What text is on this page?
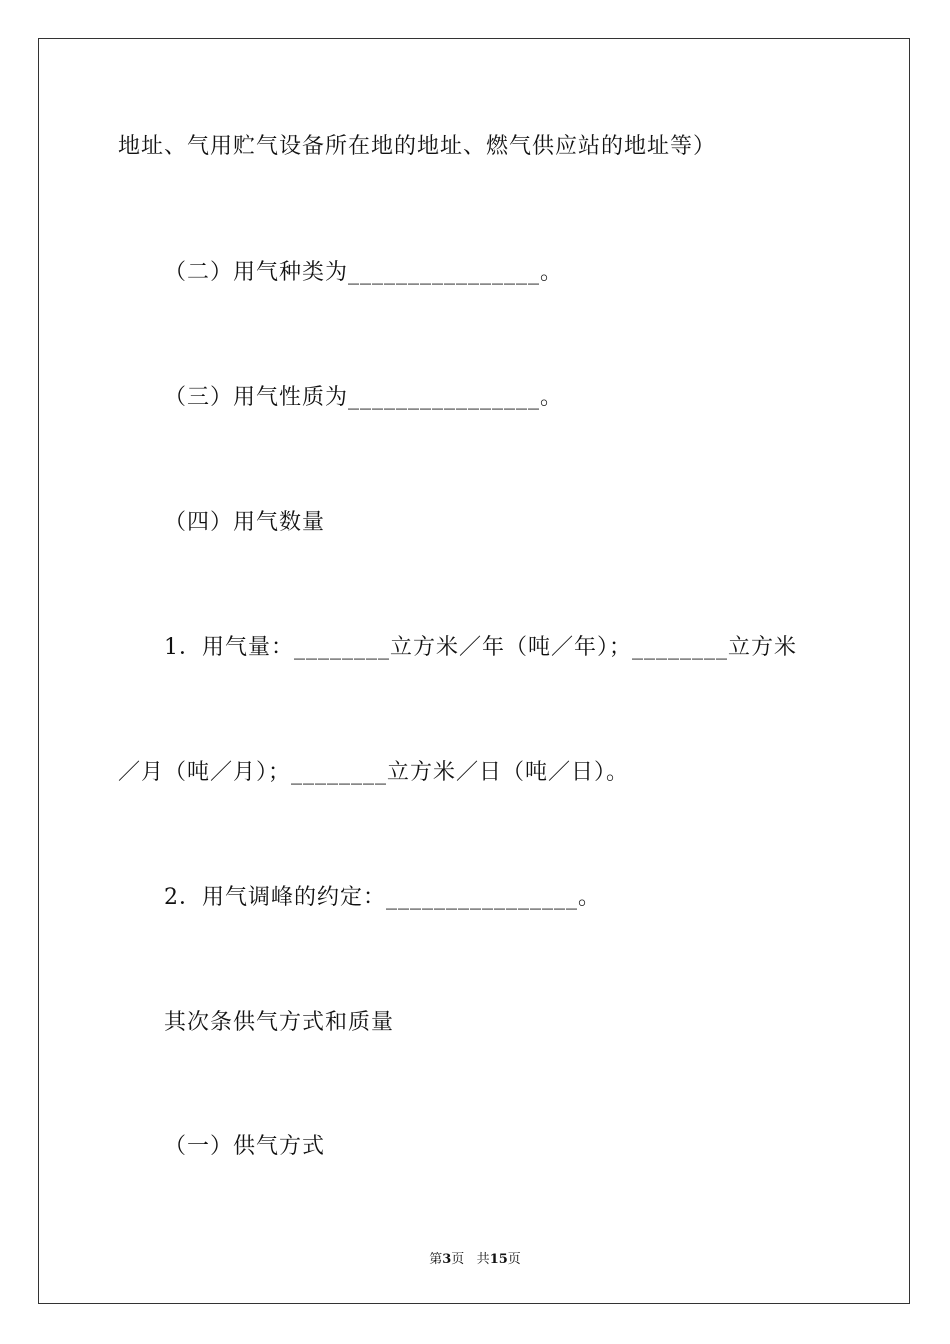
地址、气用贮气设备所在地的地址、燃气供应站的地址等）
（二）用气种类为________________。
（三）用气性质为________________。
（四）用气数量
1．用气量：________立方米／年（吨／年）；________立方米
／月（吨／月）；________立方米／日（吨／日）。
2．用气调峰的约定：________________。
其次条供气方式和质量
（一）供气方式
第3页 共15页
